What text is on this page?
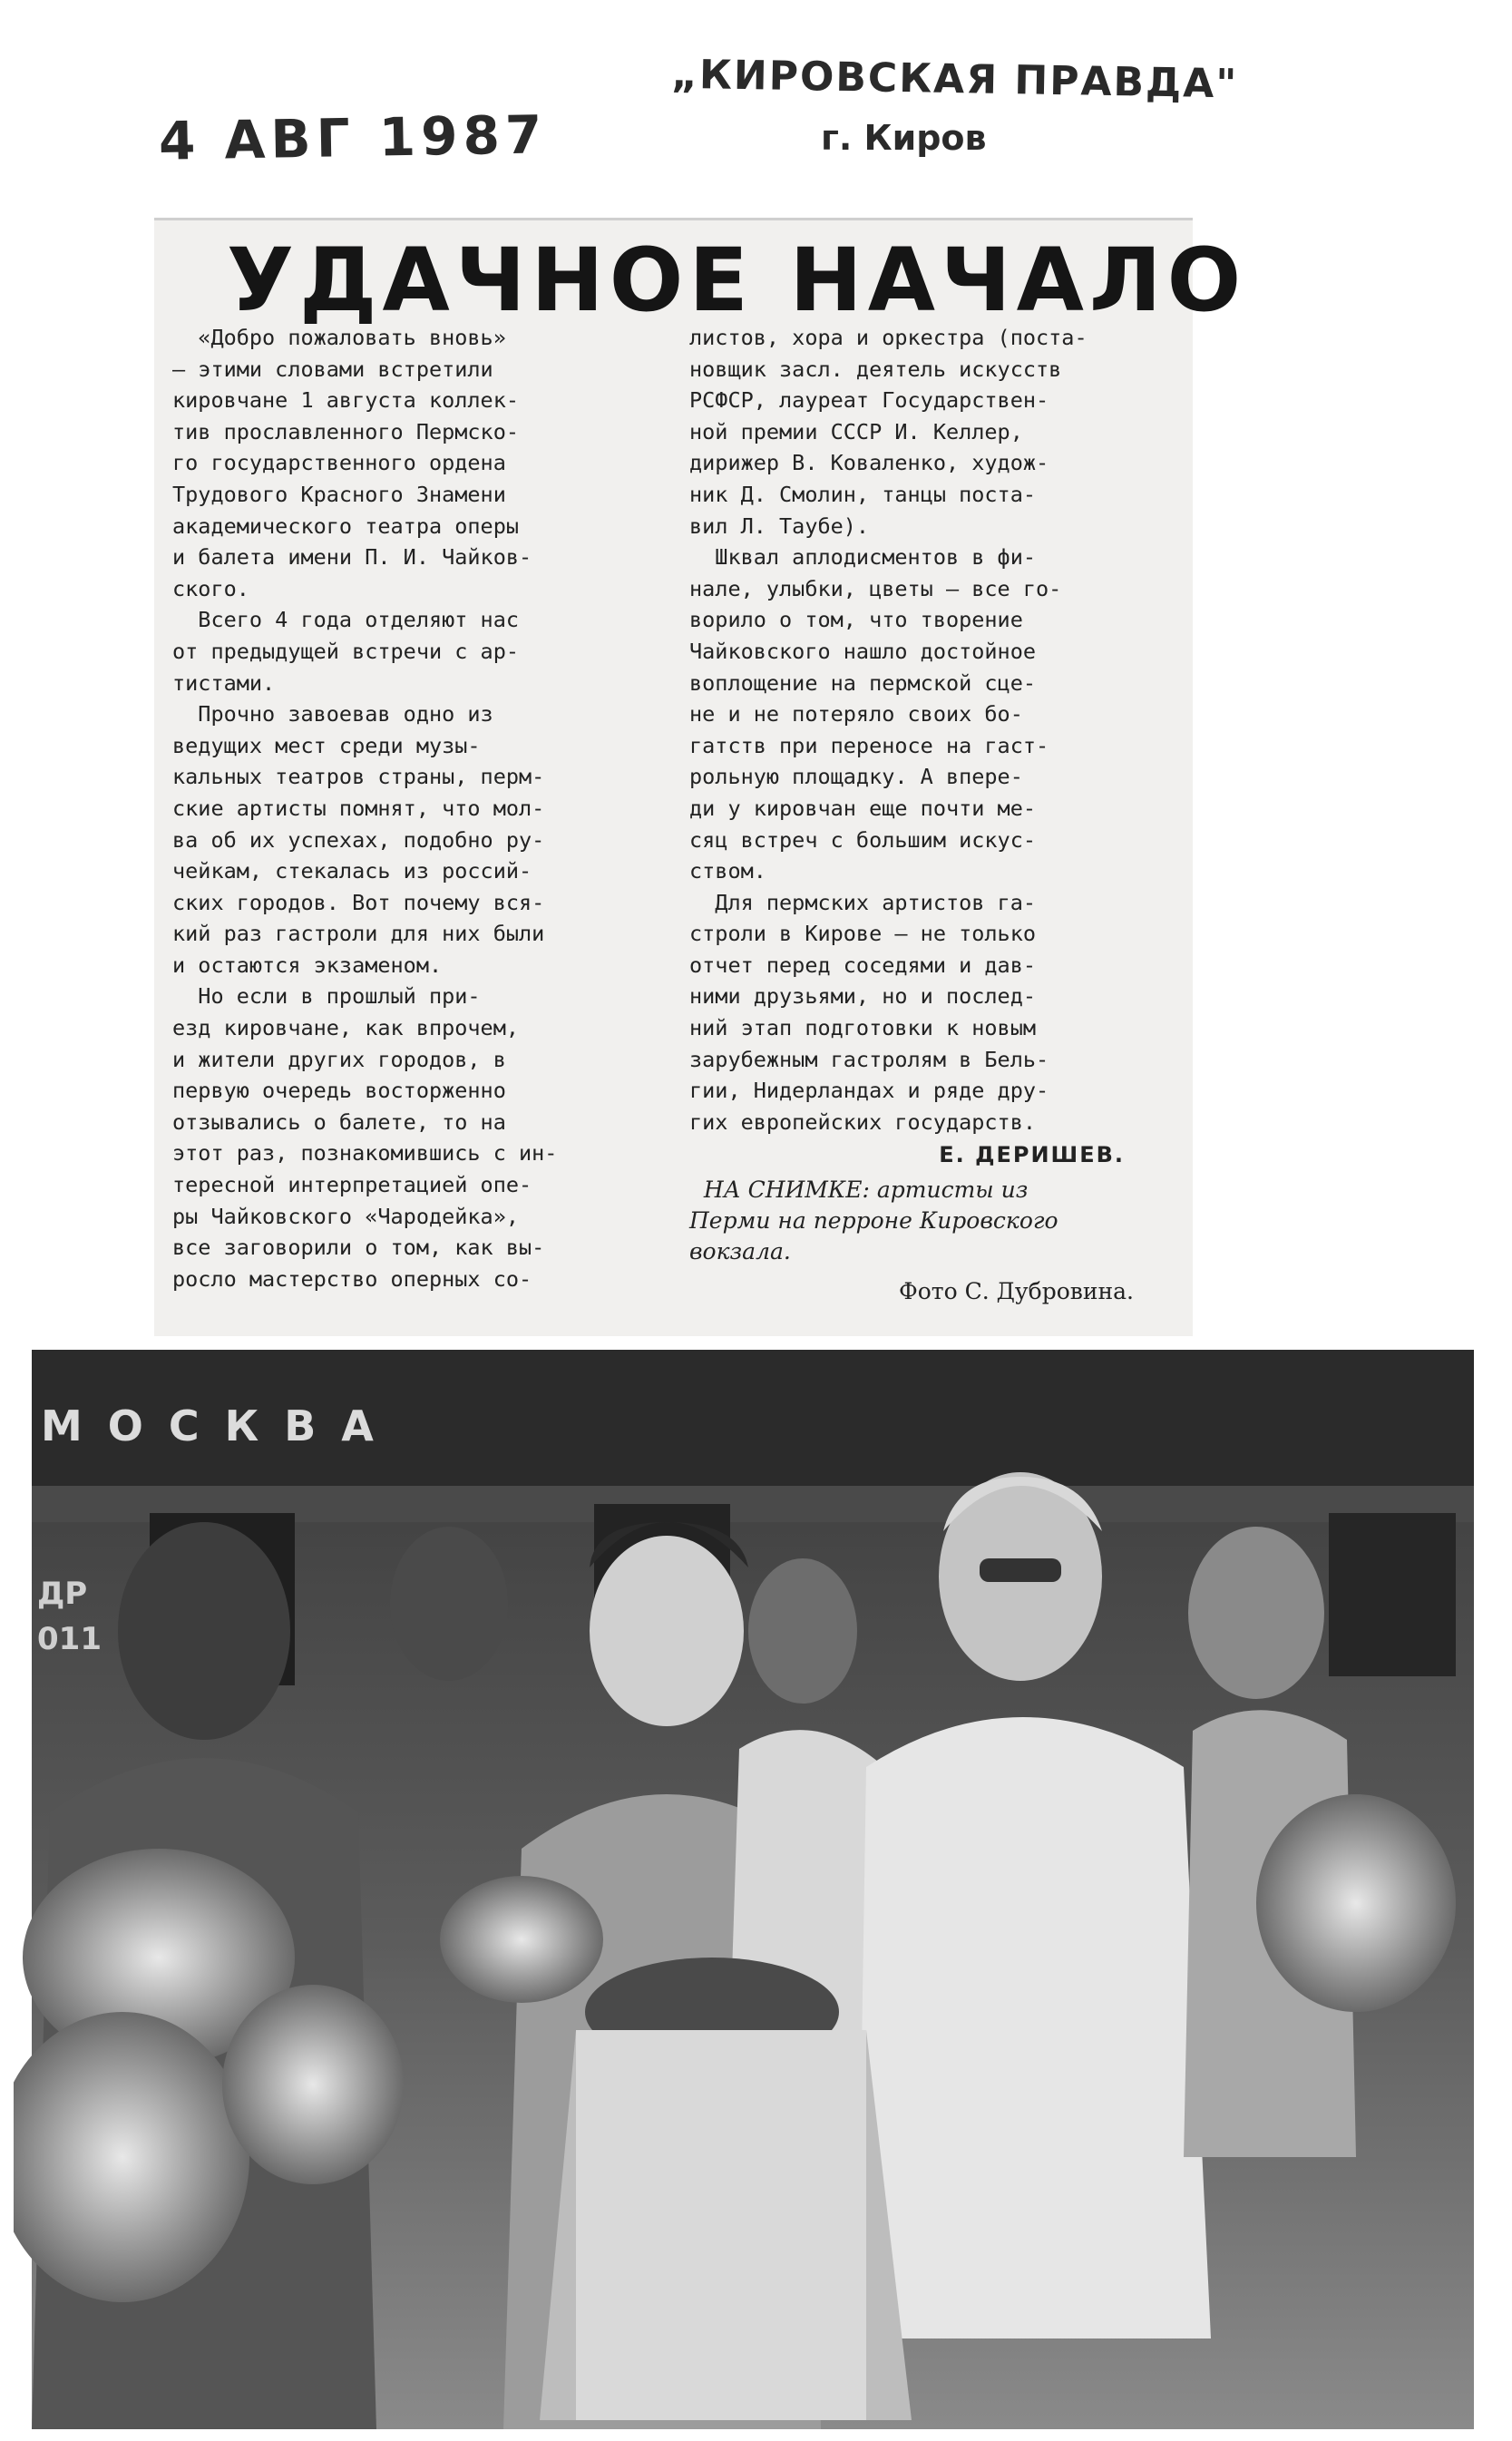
4 АВГ 1987
„КИРОВСКАЯ ПРАВДА"
г. Киров
УДАЧНОЕ НАЧАЛО
«Добро пожаловать вновь»
— этими словами встретили
кировчане 1 августа коллек-
тив прославленного Пермско-
го государственного ордена
Трудового Красного Знамени
академического театра оперы
и балета имени П. И. Чайков-
ского.
Всего 4 года отделяют нас
от предыдущей встречи с ар-
тистами.
Прочно завоевав одно из
ведущих мест среди музы-
кальных театров страны, перм-
ские артисты помнят, что мол-
ва об их успехах, подобно ру-
чейкам, стекалась из россий-
ских городов. Вот почему вся-
кий раз гастроли для них были
и остаются экзаменом.
Но если в прошлый при-
езд кировчане, как впрочем,
и жители других городов, в
первую очередь восторженно
отзывались о балете, то на
этот раз, познакомившись с ин-
тересной интерпретацией опе-
ры Чайковского «Чародейка»,
все заговорили о том, как вы-
росло мастерство оперных со-
листов, хора и оркестра (поста-
новщик засл. деятель искусств
РСФСР, лауреат Государствен-
ной премии СССР И. Келлер,
дирижер В. Коваленко, худож-
ник Д. Смолин, танцы поста-
вил Л. Таубе).
Шквал аплодисментов в фи-
нале, улыбки, цветы — все го-
ворило о том, что творение
Чайковского нашло достойное
воплощение на пермской сце-
не и не потеряло своих бо-
гатств при переносе на гаст-
рольную площадку. А впере-
ди у кировчан еще почти ме-
сяц встреч с большим искус-
ством.
Для пермских артистов га-
строли в Кирове — не только
отчет перед соседями и дав-
ними друзьями, но и послед-
ний этап подготовки к новым
зарубежным гастролям в Бель-
гии, Нидерландах и ряде дру-
гих европейских государств.
Е. ДЕРИШЕВ.
НА СНИМКЕ: артисты из
Перми на перроне Кировского
вокзала.
Фото С. Дубровина.
МОСКВА
ДР
011
